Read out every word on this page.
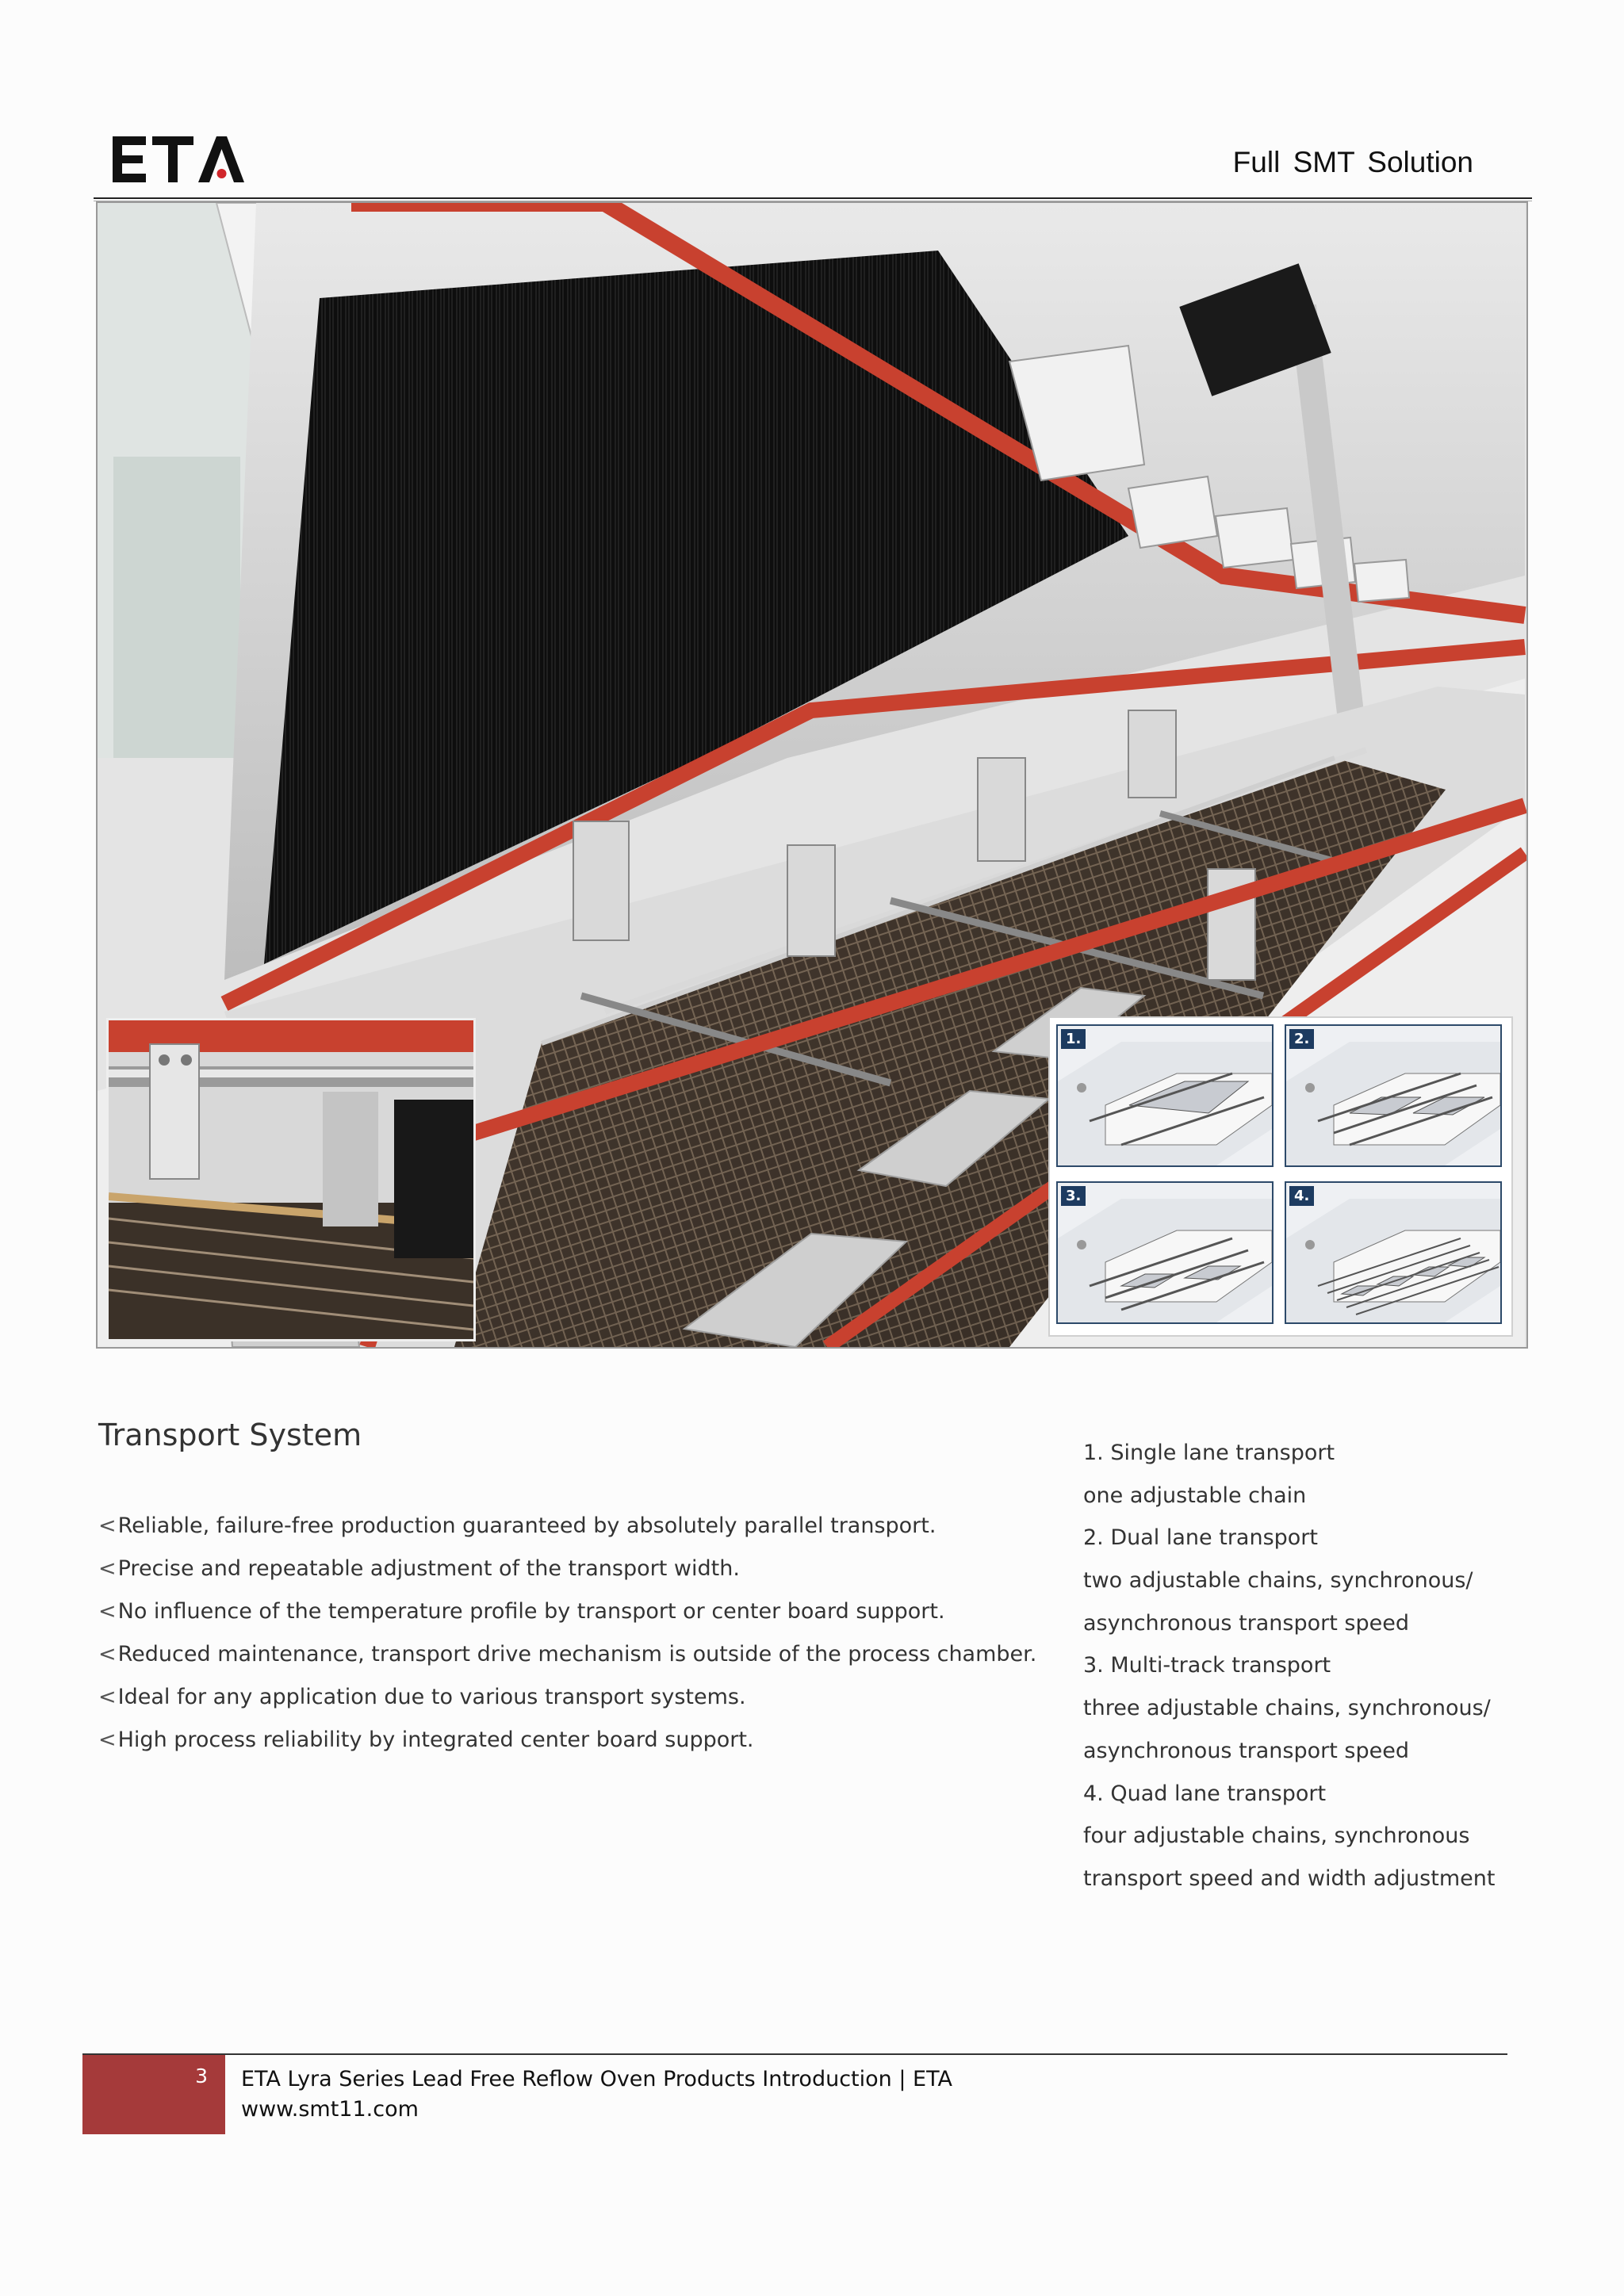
Full SMT Solution
1.	2.
3.	4.
Transport System
<Reliable, failure-free production guaranteed by absolutely parallel transport.
<Precise and repeatable adjustment of the transport width.
<No influence of the temperature profile by transport or center board support.
<Reduced maintenance, transport drive mechanism is outside of the process chamber.
<Ideal for any application due to various transport systems.
<High process reliability by integrated center board support.
1. Single lane transport
one adjustable chain
2. Dual lane transport
two adjustable chains, synchronous/
asynchronous transport speed
3. Multi-track transport
three adjustable chains, synchronous/
asynchronous transport speed
4. Quad lane transport
four adjustable chains, synchronous
transport speed and width adjustment
3 ETA Lyra Series Lead Free Reflow Oven Products Introduction | ETA
www.smt11.com
